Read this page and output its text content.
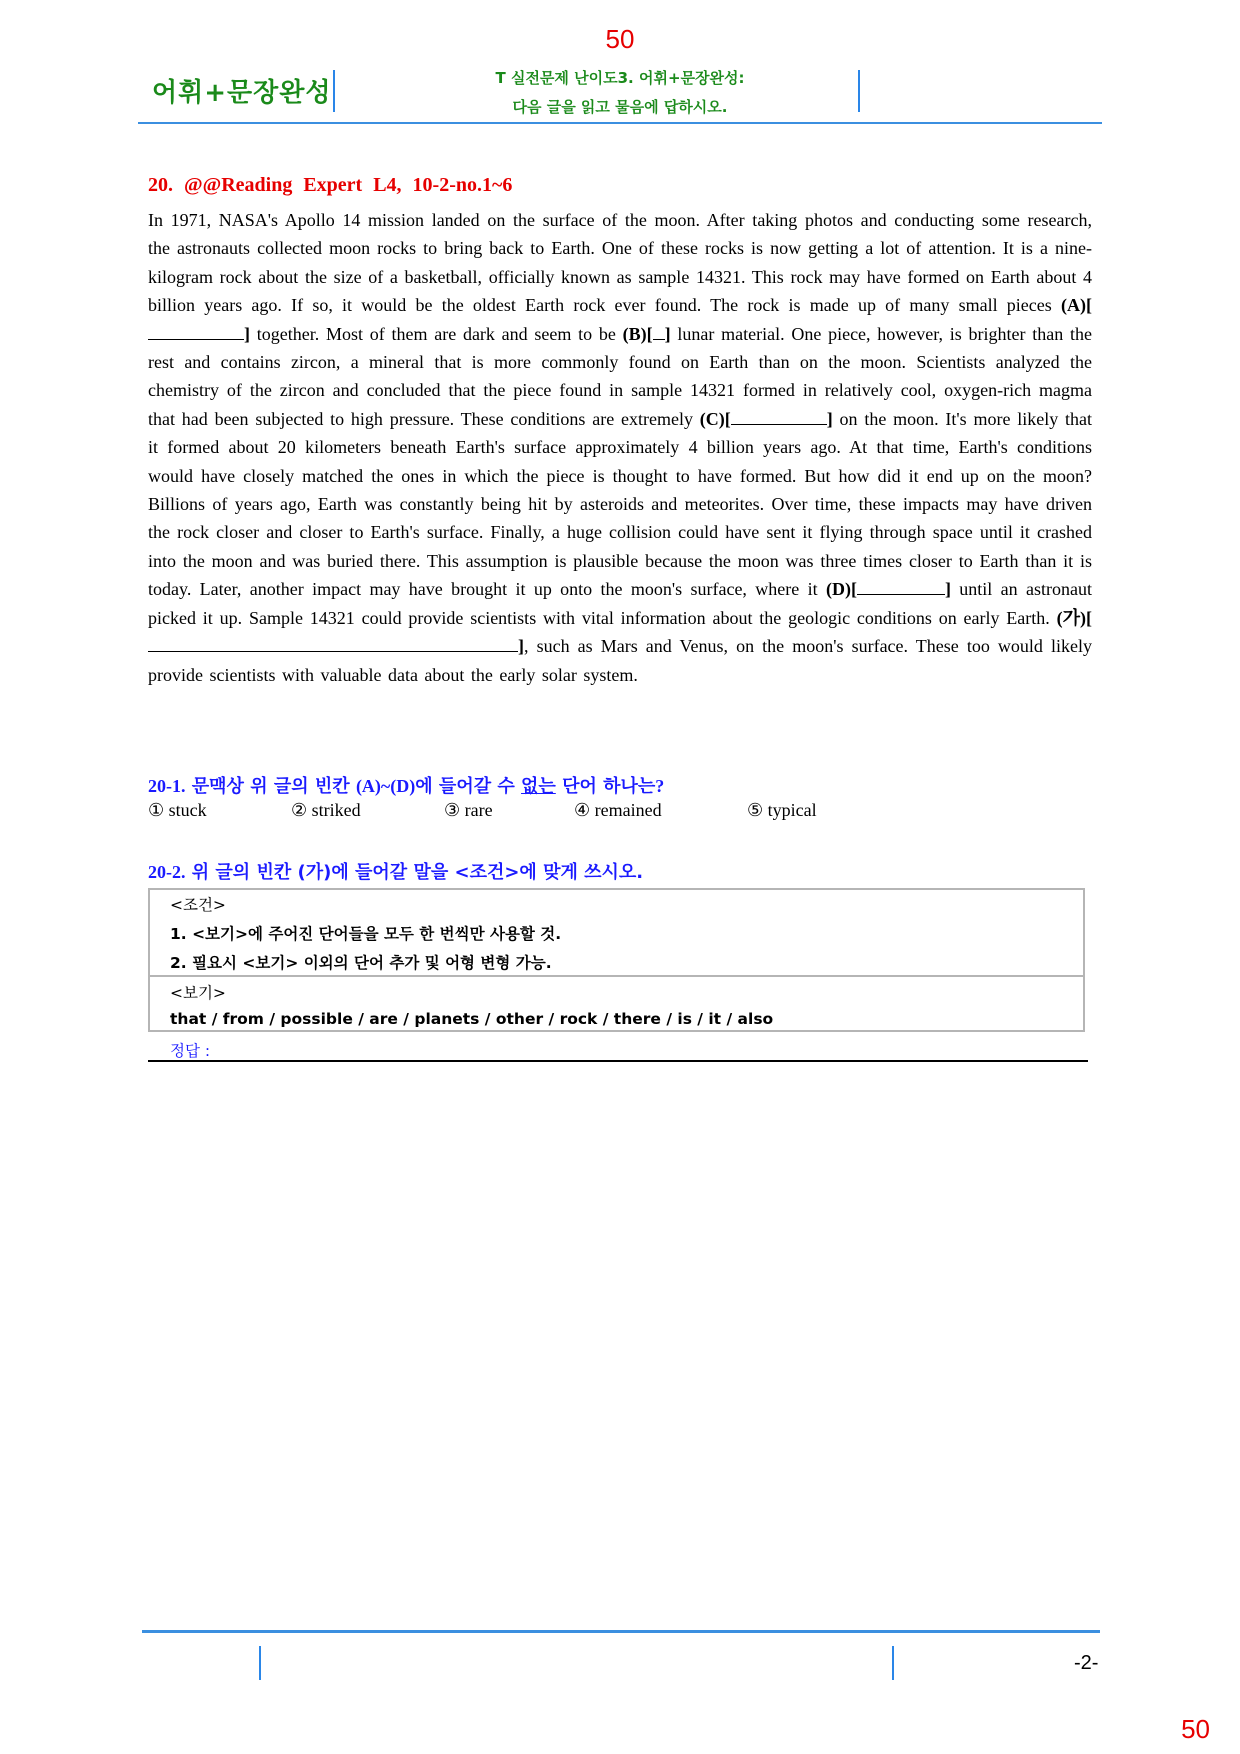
50
어휘+문장완성	T 실전문제 난이도3. 어휘+문장완성:
다음 글을 읽고 물음에 답하시오.
20. @@Reading Expert L4, 10-2-no.1~6
In 1971, NASA's Apollo 14 mission landed on the surface of the moon. After taking photos and conducting some research, the astronauts collected moon rocks to bring back to Earth. One of these rocks is now getting a lot of attention. It is a nine-kilogram rock about the size of a basketball, officially known as sample 14321. This rock may have formed on Earth about 4 billion years ago. If so, it would be the oldest Earth rock ever found. The rock is made up of many small pieces (A)[] together. Most of them are dark and seem to be (B)[ ] lunar material. One piece, however, is brighter than the rest and contains zircon, a mineral that is more commonly found on Earth than on the moon. Scientists analyzed the chemistry of the zircon and concluded that the piece found in sample 14321 formed in relatively cool, oxygen-rich magma that had been subjected to high pressure. These conditions are extremely (C)[	] on the moon. It's more likely that it formed about 20 kilometers beneath Earth's surface approximately 4 billion years ago. At that time, Earth's conditions would have closely matched the ones in which the piece is thought to have formed. But how did it end up on the moon? Billions of years ago, Earth was constantly being hit by asteroids and meteorites. Over time, these impacts may have driven the rock closer and closer to Earth's surface. Finally, a huge collision could have sent it flying through space until it crashed into the moon and was buried there. This assumption is plausible because the moon was three times closer to Earth than it is today. Later, another impact may have brought it up onto the moon's surface, where it (D)[	] until an astronaut picked it up. Sample 14321 could provide scientists with vital information about the geologic conditions on early Earth. (가)[], such as Mars and Venus, on the moon's surface. These too would likely provide scientists with valuable data about the early solar system.
20-1. 문맥상 위 글의 빈칸 (A)~(D)에 들어갈 수 없는 단어 하나는?
① stuck	② striked	③ rare	④ remained	⑤ typical
20-2. 위 글의 빈칸 (가)에 들어갈 말을 <조건>에 맞게 쓰시오.
<조건>
1. <보기>에 주어진 단어들을 모두 한 번씩만 사용할 것.
2. 필요시 <보기> 이외의 단어 추가 및 어형 변형 가능.
<보기>
that / from / possible / are / planets / other / rock / there / is / it / also
정답 :
-2-
50
